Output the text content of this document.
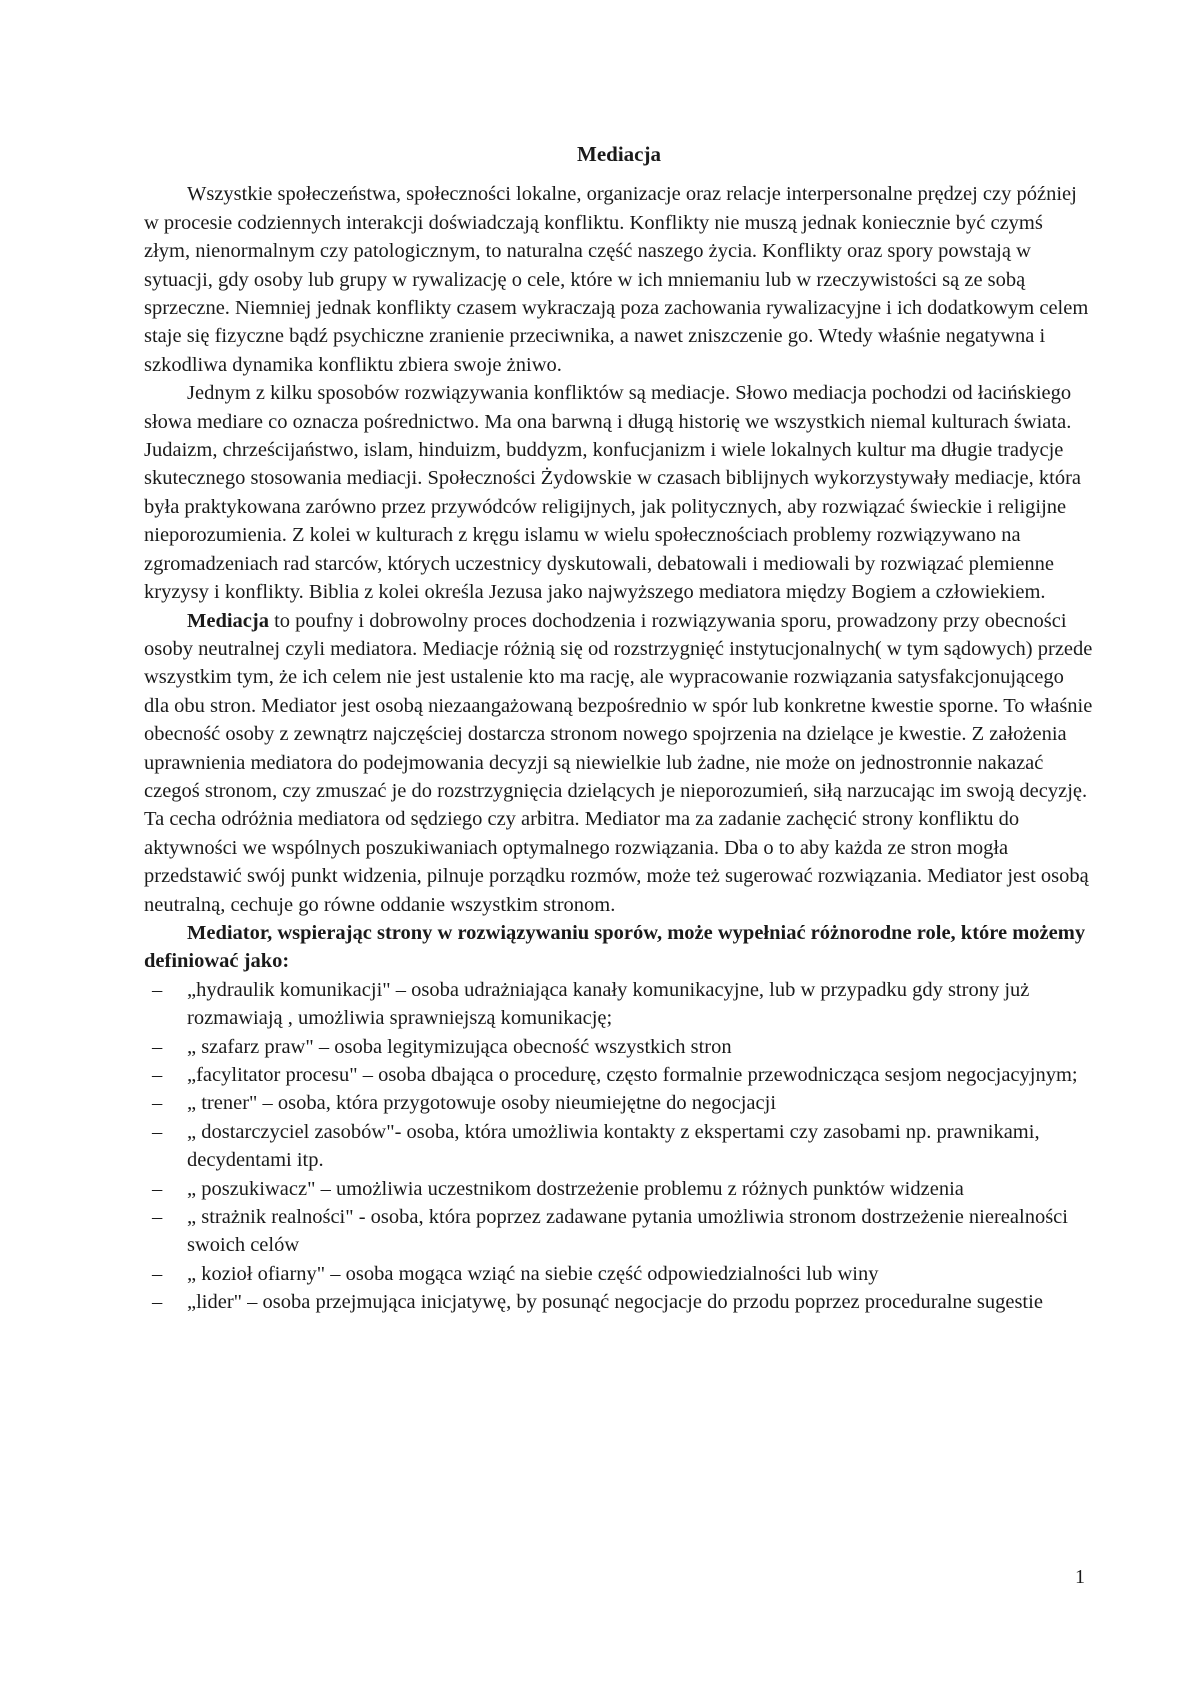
Mediacja

Wszystkie społeczeństwa, społeczności lokalne, organizacje oraz relacje interpersonalne prędzej czy później w procesie codziennych interakcji doświadczają konfliktu. Konflikty nie muszą jednak koniecznie być czymś złym, nienormalnym czy patologicznym, to naturalna część naszego życia. Konflikty oraz spory powstają w sytuacji, gdy osoby lub grupy w rywalizację o cele, które w ich mniemaniu lub w rzeczywistości są ze sobą sprzeczne. Niemniej jednak konflikty czasem wykraczają poza zachowania rywalizacyjne i ich dodatkowym celem staje się fizyczne bądź psychiczne zranienie przeciwnika, a nawet zniszczenie go. Wtedy właśnie negatywna i szkodliwa dynamika konfliktu zbiera swoje żniwo.

Jednym z kilku sposobów rozwiązywania konfliktów są mediacje. Słowo mediacja pochodzi od łacińskiego słowa mediare co oznacza pośrednictwo. Ma ona barwną i długą historię we wszystkich niemal kulturach świata. Judaizm, chrześcijaństwo, islam, hinduizm, buddyzm, konfucjanizm i wiele lokalnych kultur ma długie tradycje skutecznego stosowania mediacji. Społeczności Żydowskie w czasach biblijnych wykorzystywały mediacje, która była praktykowana zarówno przez przywódców religijnych, jak politycznych, aby rozwiązać świeckie i religijne nieporozumienia. Z kolei w kulturach z kręgu islamu w wielu społecznościach problemy rozwiązywano na zgromadzeniach rad starców, których uczestnicy dyskutowali, debatowali i mediowali by rozwiązać plemienne kryzysy i konflikty. Biblia z kolei określa Jezusa jako najwyższego mediatora między Bogiem a człowiekiem.

Mediacja to poufny i dobrowolny proces dochodzenia i rozwiązywania sporu, prowadzony przy obecności osoby neutralnej czyli mediatora. Mediacje różnią się od rozstrzygnięć instytucjonalnych( w tym sądowych) przede wszystkim tym, że ich celem nie jest ustalenie kto ma rację, ale wypracowanie rozwiązania satysfakcjonującego dla obu stron. Mediator jest osobą niezaangażowaną bezpośrednio w spór lub konkretne kwestie sporne. To właśnie obecność osoby z zewnątrz najczęściej dostarcza stronom nowego spojrzenia na dzielące je kwestie. Z założenia uprawnienia mediatora do podejmowania decyzji są niewielkie lub żadne, nie może on jednostronnie nakazać czegoś stronom, czy zmuszać je do rozstrzygnięcia dzielących je nieporozumień, siłą narzucając im swoją decyzję. Ta cecha odróżnia mediatora od sędziego czy arbitra. Mediator ma za zadanie zachęcić strony konfliktu do aktywności we wspólnych poszukiwaniach optymalnego rozwiązania. Dba o to aby każda ze stron mogła przedstawić swój punkt widzenia, pilnuje porządku rozmów, może też sugerować rozwiązania. Mediator jest osobą neutralną, cechuje go równe oddanie wszystkim stronom.

Mediator, wspierając strony w rozwiązywaniu sporów, może wypełniać różnorodne role, które możemy definiować jako:

– „hydraulik komunikacji" – osoba udrażniająca kanały komunikacyjne, lub w przypadku gdy strony już rozmawiają , umożliwia sprawniejszą komunikację;
– „ szafarz praw" – osoba legitymizująca obecność wszystkich stron
– „facylitator procesu" – osoba dbająca o procedurę, często formalnie przewodnicząca sesjom negocjacyjnym;
– „ trener" – osoba, która przygotowuje osoby nieumiejętne do negocjacji
– „ dostarczyciel zasobów"- osoba, która umożliwia kontakty z ekspertami czy zasobami np. prawnikami, decydentami itp.
– „ poszukiwacz" – umożliwia uczestnikom dostrzeżenie problemu z różnych punktów widzenia
– „ strażnik realności" - osoba, która poprzez zadawane pytania umożliwia stronom dostrzeżenie nierealności swoich celów
– „ kozioł ofiarny" – osoba mogąca wziąć na siebie część odpowiedzialności lub winy
– „lider" – osoba przejmująca inicjatywę, by posunąć negocjacje do przodu poprzez proceduralne sugestie
1
